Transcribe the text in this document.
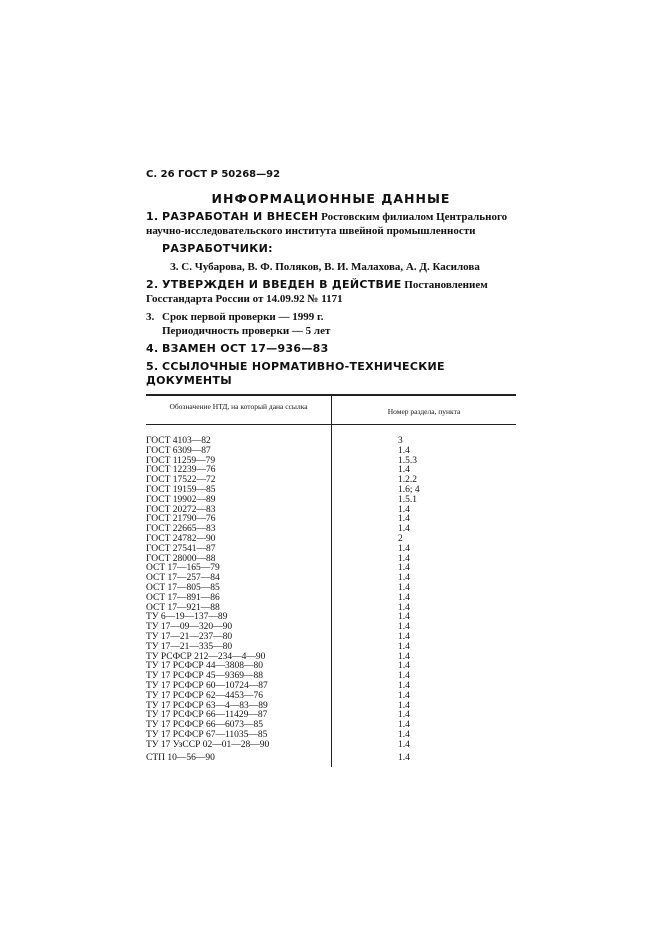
С. 26 ГОСТ Р 50268—92
ИНФОРМАЦИОННЫЕ ДАННЫЕ
1. РАЗРАБОТАН И ВНЕСЕН Ростовским филиалом Центрального научно-исследовательского института швейной промышленности
РАЗРАБОТЧИКИ:
З. С. Чубарова, В. Ф. Поляков, В. И. Малахова, А. Д. Касилова
2. УТВЕРЖДЕН И ВВЕДЕН В ДЕЙСТВИЕ Постановлением Госстандарта России от 14.09.92 № 1171
3. Срок первой проверки — 1999 г.
Периодичность проверки — 5 лет
4. ВЗАМЕН ОСТ 17—936—83
5. ССЫЛОЧНЫЕ НОРМАТИВНО-ТЕХНИЧЕСКИЕ ДОКУМЕНТЫ
Обозначение НТД, на который дана ссылка
Номер раздела, пункта
ГОСТ 4103—82
ГОСТ 6309—87
ГОСТ 11259—79
ГОСТ 12239—76
ГОСТ 17522—72
ГОСТ 19159—85
ГОСТ 19902—89
ГОСТ 20272—83
ГОСТ 21790—76
ГОСТ 22665—83
ГОСТ 24782—90
ГОСТ 27541—87
ГОСТ 28000—88
ОСТ 17—165—79
ОСТ 17—257—84
ОСТ 17—805—85
ОСТ 17—891—86
ОСТ 17—921—88
ТУ 6—19—137—89
ТУ 17—09—320—90
ТУ 17—21—237—80
ТУ 17—21—335—80
ТУ РСФСР 212—234—4—90
ТУ 17 РСФСР 44—3808—80
ТУ 17 РСФСР 45—9369—88
ТУ 17 РСФСР 60—10724—87
ТУ 17 РСФСР 62—4453—76
ТУ 17 РСФСР 63—4—83—89
ТУ 17 РСФСР 66—11429—87
ТУ 17 РСФСР 66—6073—85
ТУ 17 РСФСР 67—11035—85
ТУ 17 УзССР 02—01—28—90
СТП 10—56—90
3
1.4
1.5.3
1.4
1.2.2
1.6; 4
1.5.1
1.4
1.4
1.4
2
1.4
1.4
1.4
1.4
1.4
1.4
1.4
1.4
1.4
1.4
1.4
1.4
1.4
1.4
1.4
1.4
1.4
1.4
1.4
1.4
1.4
1.4
